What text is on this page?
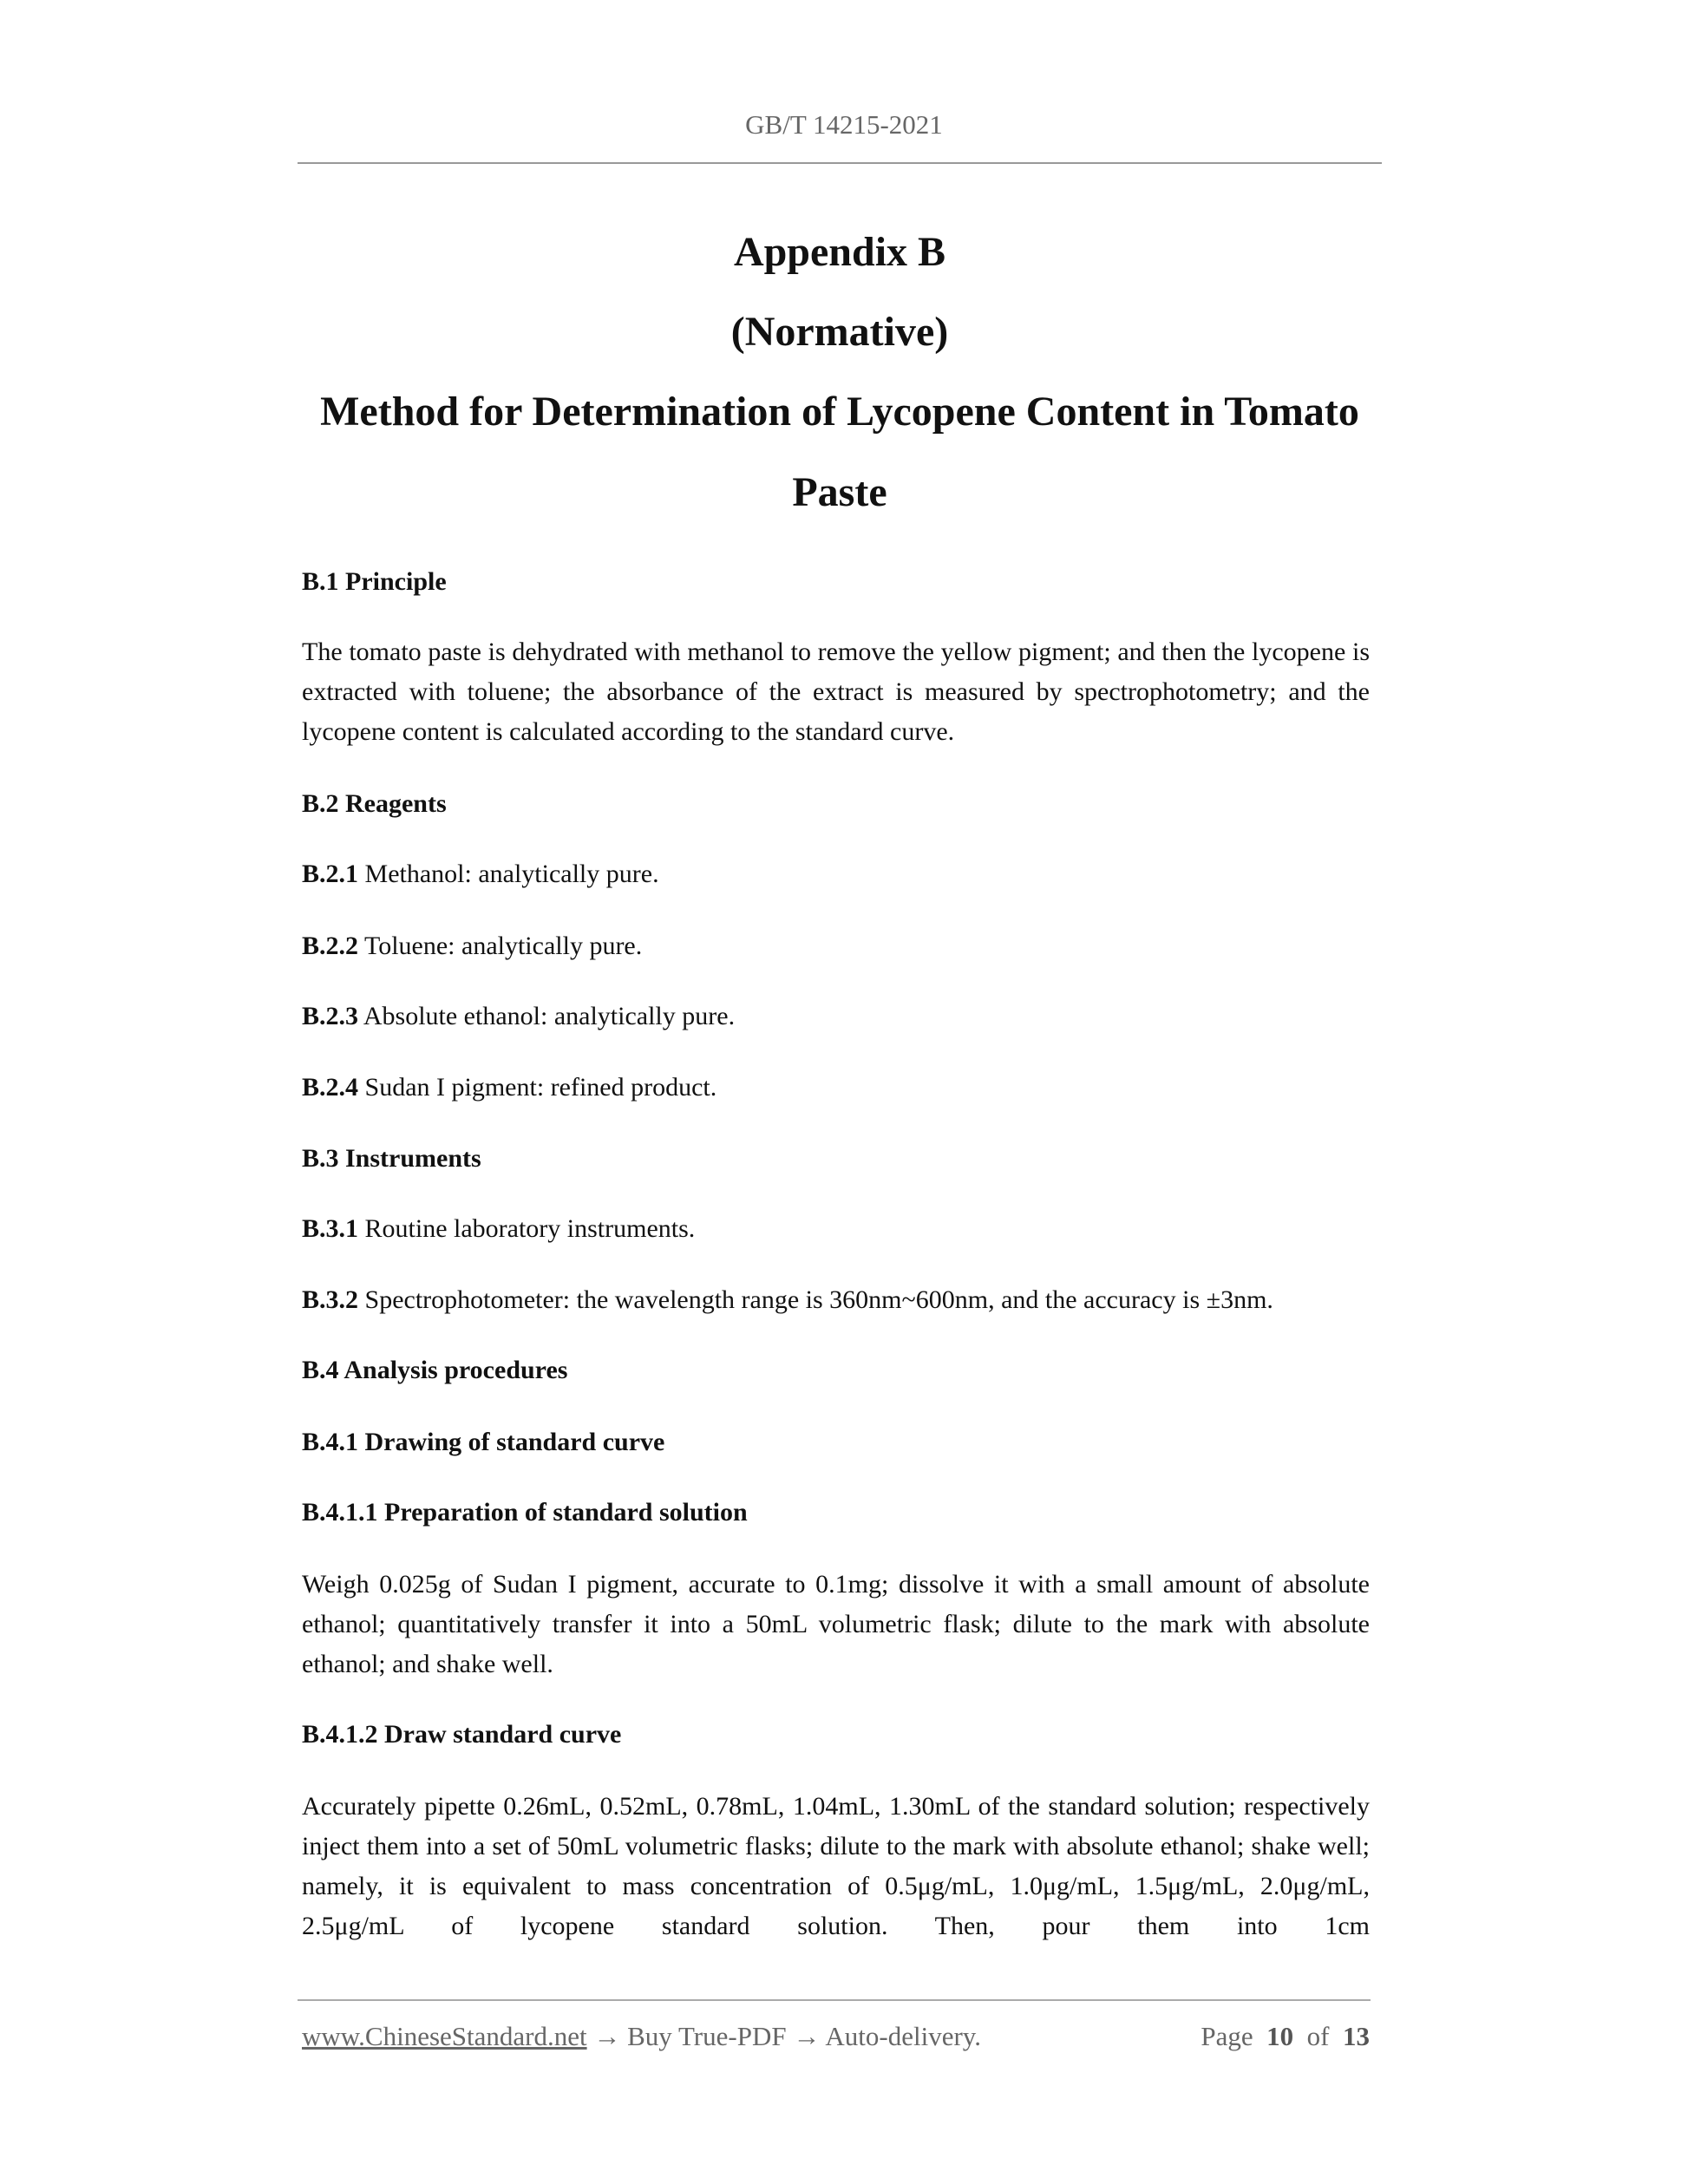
GB/T 14215-2021
Appendix B
(Normative)
Method for Determination of Lycopene Content in Tomato
Paste
B.1 Principle
The tomato paste is dehydrated with methanol to remove the yellow pigment; and then the lycopene is extracted with toluene; the absorbance of the extract is measured by spectrophotometry; and the lycopene content is calculated according to the standard curve.
B.2 Reagents
B.2.1 Methanol: analytically pure.
B.2.2 Toluene: analytically pure.
B.2.3 Absolute ethanol: analytically pure.
B.2.4 Sudan I pigment: refined product.
B.3 Instruments
B.3.1 Routine laboratory instruments.
B.3.2 Spectrophotometer: the wavelength range is 360nm~600nm, and the accuracy is ±3nm.
B.4 Analysis procedures
B.4.1 Drawing of standard curve
B.4.1.1 Preparation of standard solution
Weigh 0.025g of Sudan I pigment, accurate to 0.1mg; dissolve it with a small amount of absolute ethanol; quantitatively transfer it into a 50mL volumetric flask; dilute to the mark with absolute ethanol; and shake well.
B.4.1.2 Draw standard curve
Accurately pipette 0.26mL, 0.52mL, 0.78mL, 1.04mL, 1.30mL of the standard solution; respectively inject them into a set of 50mL volumetric flasks; dilute to the mark with absolute ethanol; shake well; namely, it is equivalent to mass concentration of 0.5μg/mL, 1.0μg/mL, 1.5μg/mL, 2.0μg/mL, 2.5μg/mL of lycopene standard solution. Then, pour them into 1cm
www.ChineseStandard.net → Buy True-PDF → Auto-delivery.	Page 10 of 13
